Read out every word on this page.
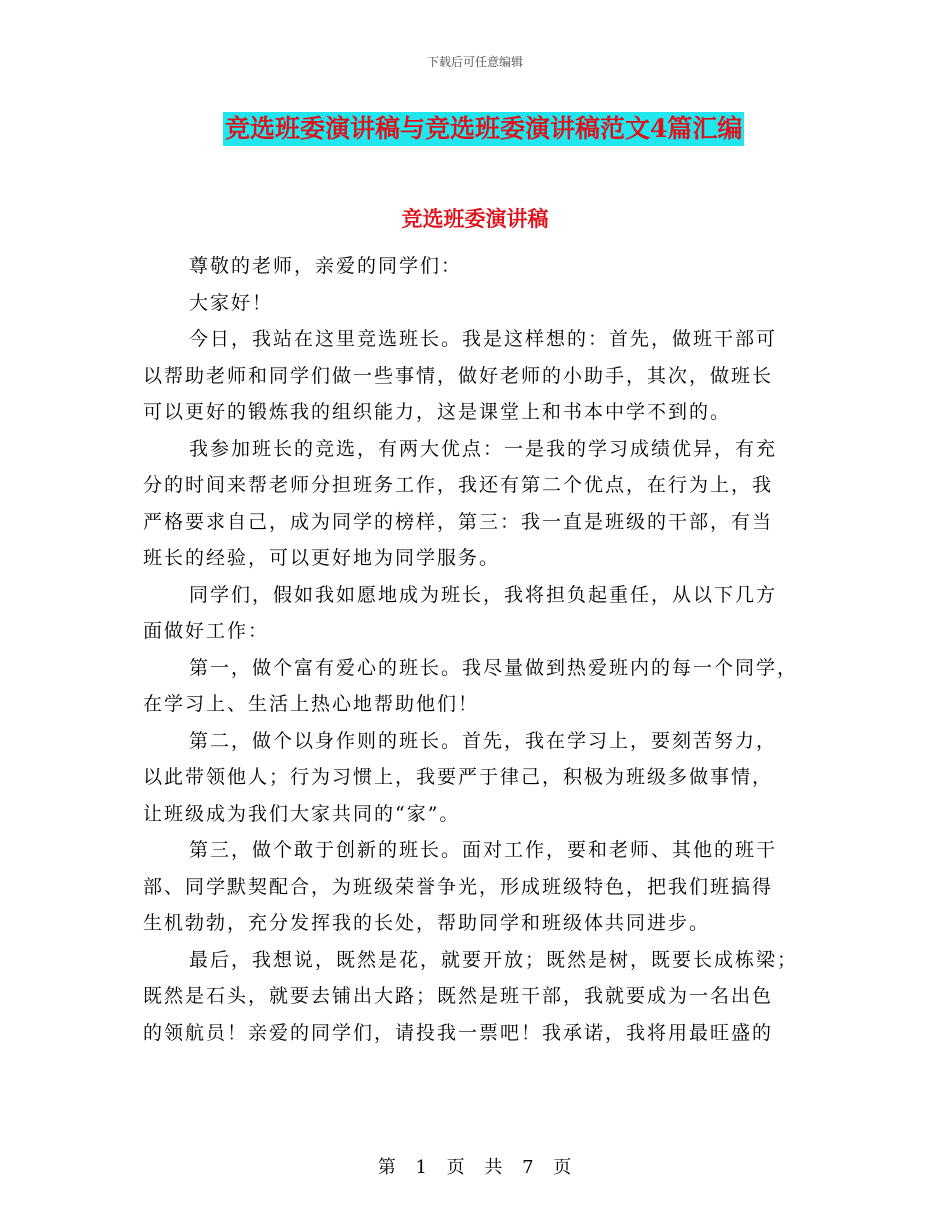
下载后可任意编辑
竞选班委演讲稿与竞选班委演讲稿范文4篇汇编
竞选班委演讲稿
尊敬的老师，亲爱的同学们：
大家好！
今日，我站在这里竞选班长。我是这样想的：首先，做班干部可
以帮助老师和同学们做一些事情，做好老师的小助手，其次，做班长
可以更好的锻炼我的组织能力，这是课堂上和书本中学不到的。
我参加班长的竞选，有两大优点：一是我的学习成绩优异，有充
分的时间来帮老师分担班务工作，我还有第二个优点，在行为上，我
严格要求自己，成为同学的榜样，第三：我一直是班级的干部，有当
班长的经验，可以更好地为同学服务。
同学们，假如我如愿地成为班长，我将担负起重任，从以下几方
面做好工作：
第一，做个富有爱心的班长。我尽量做到热爱班内的每一个同学，
在学习上、生活上热心地帮助他们！
第二，做个以身作则的班长。首先，我在学习上，要刻苦努力，
以此带领他人；行为习惯上，我要严于律己，积极为班级多做事情，
让班级成为我们大家共同的“家”。
第三，做个敢于创新的班长。面对工作，要和老师、其他的班干
部、同学默契配合，为班级荣誉争光，形成班级特色，把我们班搞得
生机勃勃，充分发挥我的长处，帮助同学和班级体共同进步。
最后，我想说，既然是花，就要开放；既然是树，既要长成栋梁；
既然是石头，就要去铺出大路；既然是班干部，我就要成为一名出色
的领航员！亲爱的同学们，请投我一票吧！我承诺，我将用最旺盛的
第 1 页 共 7 页
